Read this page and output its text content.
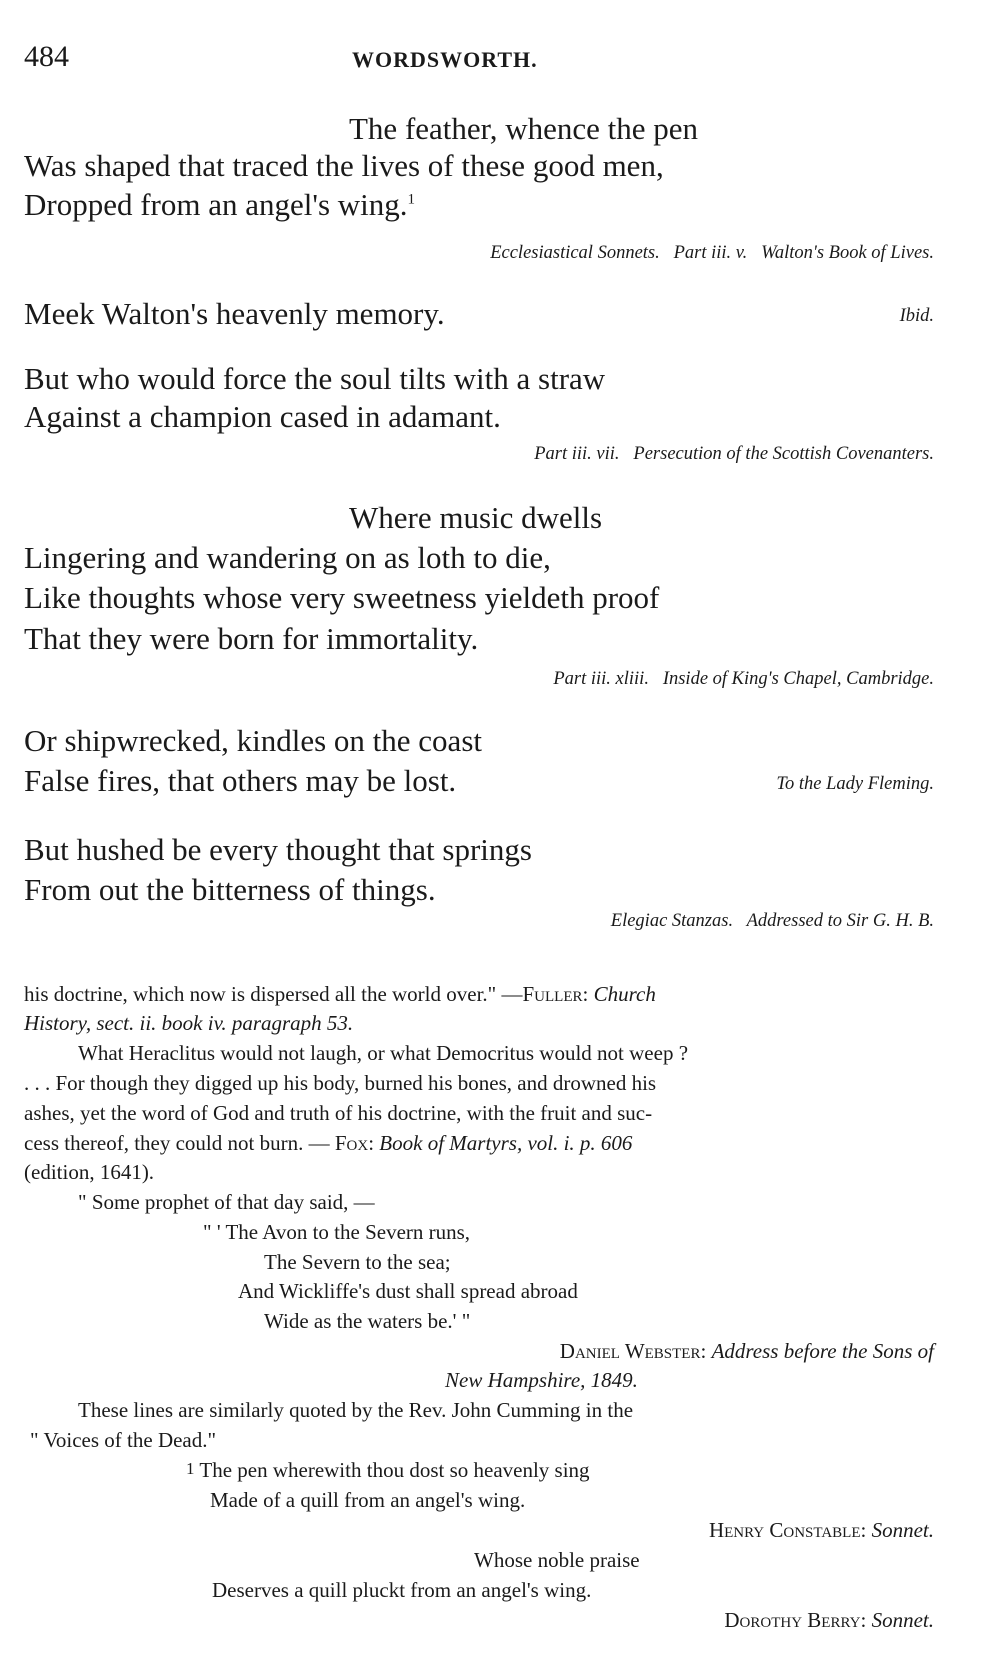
484	WORDSWORTH.
The feather, whence the pen
Was shaped that traced the lives of these good men,
Dropped from an angel's wing.$^1$
Ecclesiastical Sonnets.   Part iii. v.   Walton's Book of Lives.
Meek Walton's heavenly memory.	Ibid.
But who would force the soul tilts with a straw
Against a champion cased in adamant.
Part iii. vii.   Persecution of the Scottish Covenanters.
Where music dwells
Lingering and wandering on as loth to die,
Like thoughts whose very sweetness yieldeth proof
That they were born for immortality.
Part iii. xliii.   Inside of King's Chapel, Cambridge.
Or shipwrecked, kindles on the coast
False fires, that others may be lost.	To the Lady Fleming.
But hushed be every thought that springs
From out the bitterness of things.
Elegiac Stanzas.   Addressed to Sir G. H. B.
his doctrine, which now is dispersed all the world over." —Fuller: Church
History, sect. ii. book iv. paragraph 53.
What Heraclitus would not laugh, or what Democritus would not weep ?
. . . For though they digged up his body, burned his bones, and drowned his
ashes, yet the word of God and truth of his doctrine, with the fruit and suc-
cess thereof, they could not burn. — Fox: Book of Martyrs, vol. i. p. 606
(edition, 1641).
" Some prophet of that day said, —
" ' The Avon to the Severn runs,
The Severn to the sea;
And Wickliffe's dust shall spread abroad
Wide as the waters be.' "
Daniel Webster: Address before the Sons of
New Hampshire, 1849.
These lines are similarly quoted by the Rev. John Cumming in the
" Voices of the Dead."
$^1$ The pen wherewith thou dost so heavenly sing
Made of a quill from an angel's wing.
Henry Constable: Sonnet.
Whose noble praise
Deserves a quill pluckt from an angel's wing.
Dorothy Berry: Sonnet.
